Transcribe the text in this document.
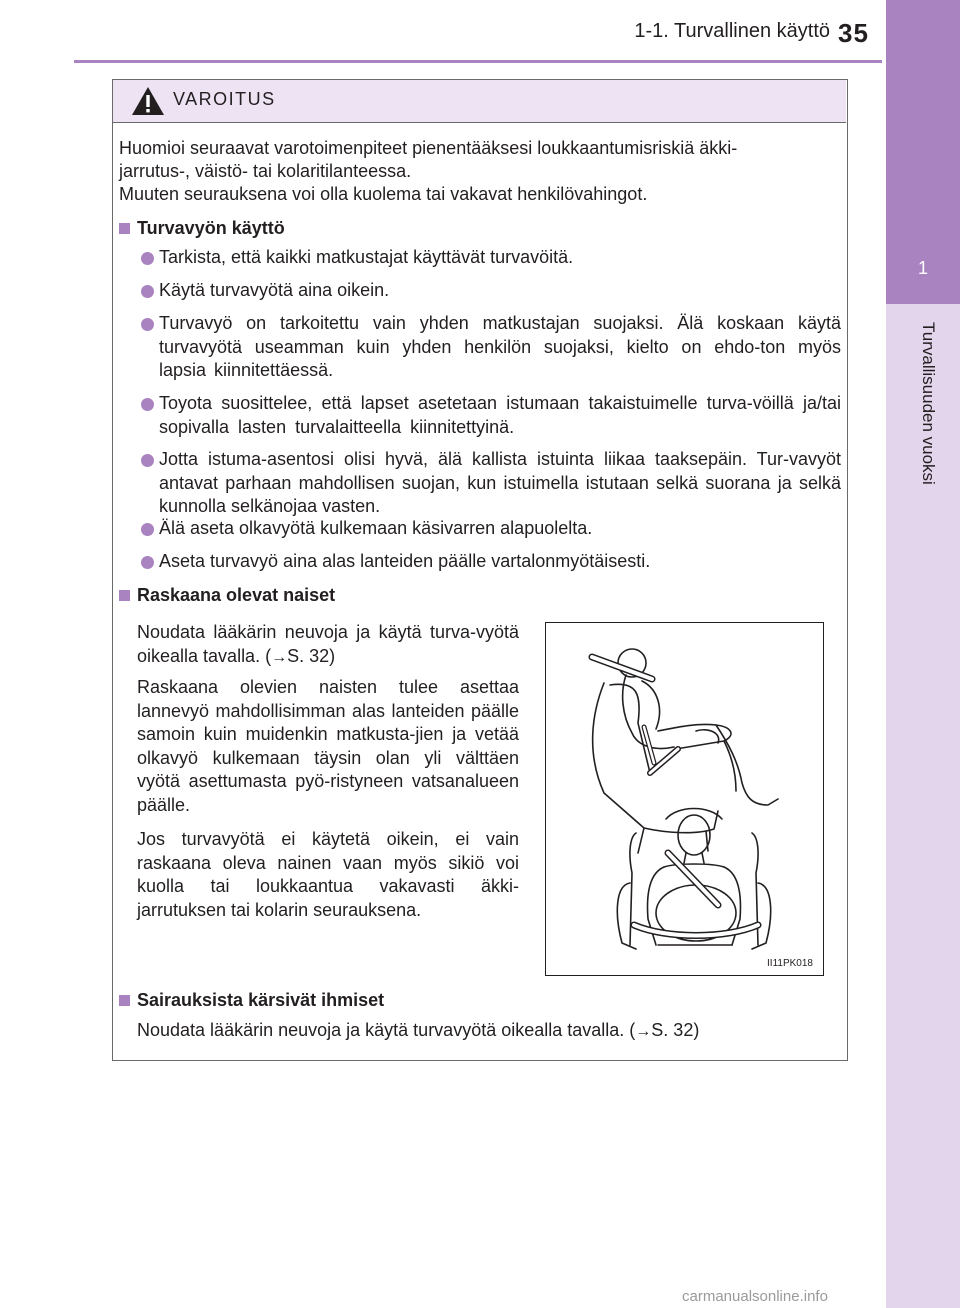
1-1. Turvallinen käyttö 35
1
Turvallisuuden vuoksi
VAROITUS
Huomioi seuraavat varotoimenpiteet pienentääksesi loukkaantumisriskiä äkki-
jarrutus-, väistö- tai kolaritilanteessa.
Muuten seurauksena voi olla kuolema tai vakavat henkilövahingot.
Turvavyön käyttö
Tarkista, että kaikki matkustajat käyttävät turvavöitä.
Käytä turvavyötä aina oikein.
Turvavyö on tarkoitettu vain yhden matkustajan suojaksi. Älä koskaan käytä turvavyötä useamman kuin yhden henkilön suojaksi, kielto on ehdo-ton myös lapsia kiinnitettäessä.
Toyota suosittelee, että lapset asetetaan istumaan takaistuimelle turva-vöillä ja/tai sopivalla lasten turvalaitteella kiinnitettyinä.
Jotta istuma-asentosi olisi hyvä, älä kallista istuinta liikaa taaksepäin. Tur-vavyöt antavat parhaan mahdollisen suojan, kun istuimella istutaan selkä suorana ja selkä kunnolla selkänojaa vasten.
Älä aseta olkavyötä kulkemaan käsivarren alapuolelta.
Aseta turvavyö aina alas lanteiden päälle vartalonmyötäisesti.
Raskaana olevat naiset
Noudata lääkärin neuvoja ja käytä turva-vyötä oikealla tavalla. (→S. 32)
Raskaana olevien naisten tulee asettaa lannevyö mahdollisimman alas lanteiden päälle samoin kuin muidenkin matkusta-jien ja vetää olkavyö kulkemaan täysin olan yli välttäen vyötä asettumasta pyö-ristyneen vatsanalueen päälle.
Jos turvavyötä ei käytetä oikein, ei vain raskaana oleva nainen vaan myös sikiö voi kuolla tai loukkaantua vakavasti äkki-jarrutuksen tai kolarin seurauksena.
II11PK018
Sairauksista kärsivät ihmiset
Noudata lääkärin neuvoja ja käytä turvavyötä oikealla tavalla. (→S. 32)
carmanualsonline.info
